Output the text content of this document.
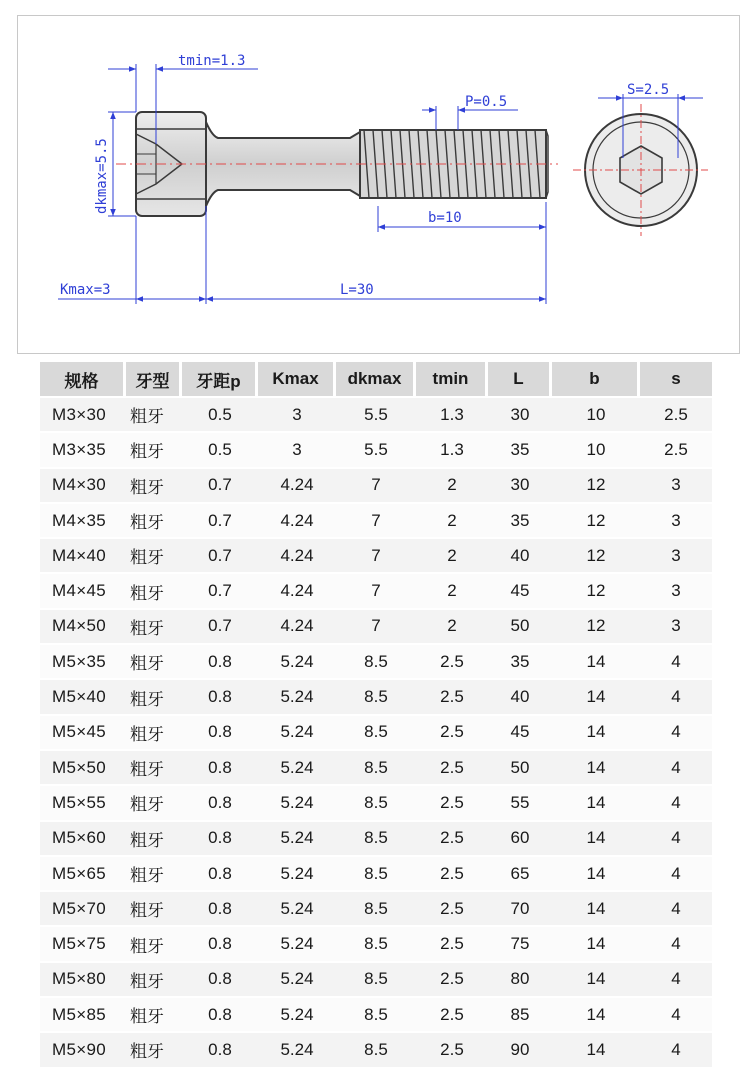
tmin=1.3
P=0.5
S=2.5
dkmax=5.5
b=10
Kmax=3	L=30
规格	牙型	牙距p	Kmax	dkmax	tmin	L	b	s
M3×30	粗牙	0.5	3	5.5	1.3	30	10	2.5
M3×35	粗牙	0.5	3	5.5	1.3	35	10	2.5
M4×30	粗牙	0.7	4.24	7	2	30	12	3
M4×35	粗牙	0.7	4.24	7	2	35	12	3
M4×40	粗牙	0.7	4.24	7	2	40	12	3
M4×45	粗牙	0.7	4.24	7	2	45	12	3
M4×50	粗牙	0.7	4.24	7	2	50	12	3
M5×35	粗牙	0.8	5.24	8.5	2.5	35	14	4
M5×40	粗牙	0.8	5.24	8.5	2.5	40	14	4
M5×45	粗牙	0.8	5.24	8.5	2.5	45	14	4
M5×50	粗牙	0.8	5.24	8.5	2.5	50	14	4
M5×55	粗牙	0.8	5.24	8.5	2.5	55	14	4
M5×60	粗牙	0.8	5.24	8.5	2.5	60	14	4
M5×65	粗牙	0.8	5.24	8.5	2.5	65	14	4
M5×70	粗牙	0.8	5.24	8.5	2.5	70	14	4
M5×75	粗牙	0.8	5.24	8.5	2.5	75	14	4
M5×80	粗牙	0.8	5.24	8.5	2.5	80	14	4
M5×85	粗牙	0.8	5.24	8.5	2.5	85	14	4
M5×90	粗牙	0.8	5.24	8.5	2.5	90	14	4
